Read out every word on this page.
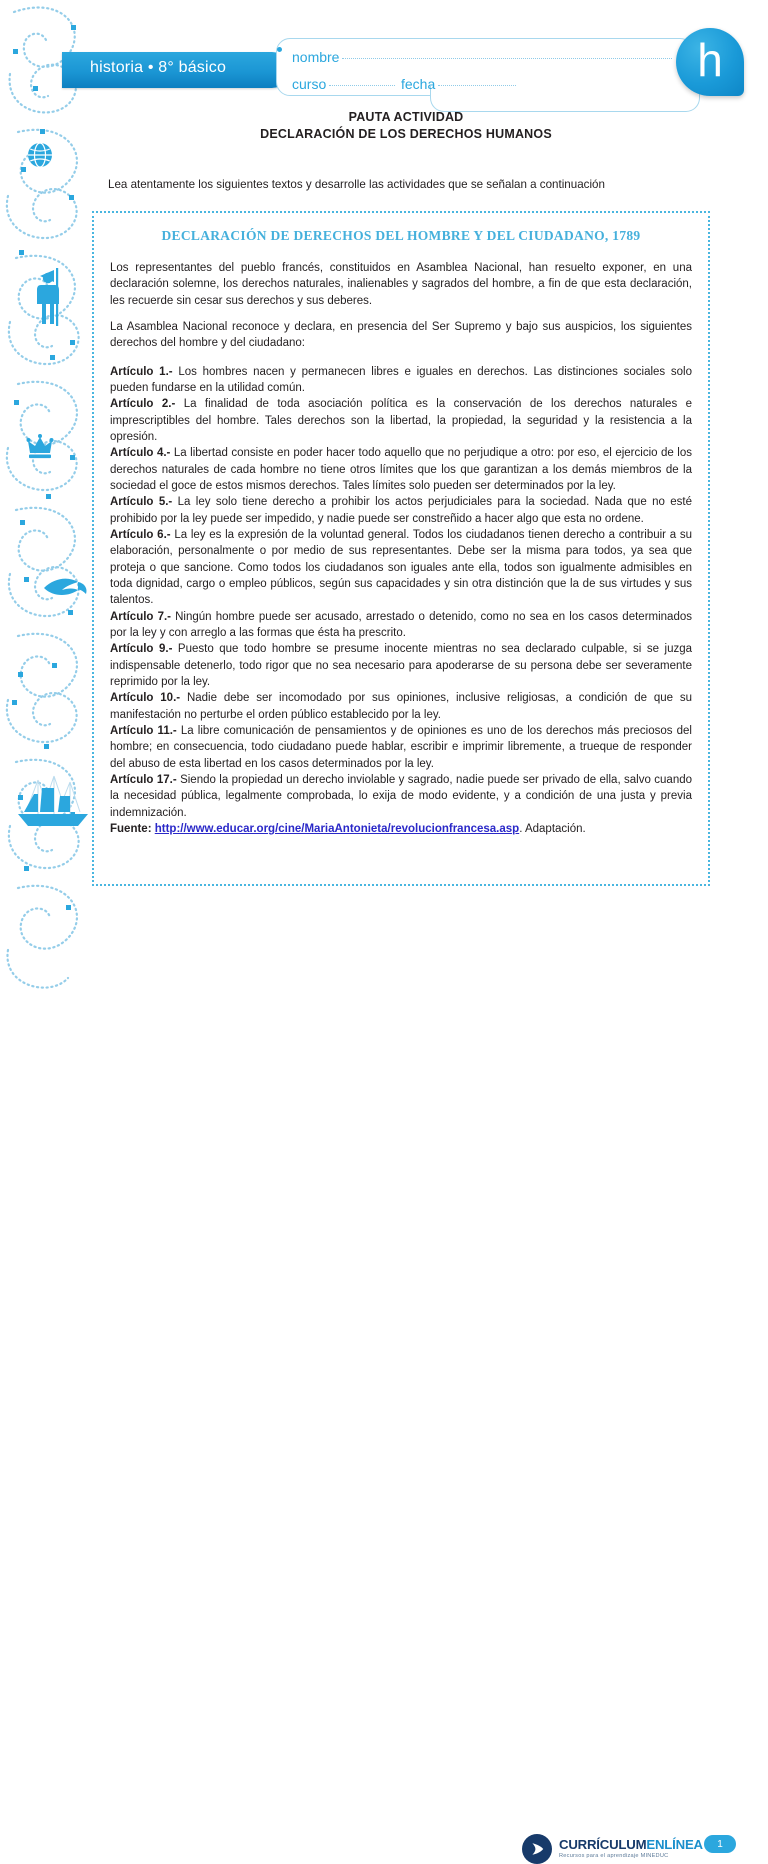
historia • 8° básico
nombre
curso	fecha	h
PAUTA ACTIVIDAD
DECLARACIÓN DE LOS DERECHOS HUMANOS
Lea atentamente los siguientes textos y desarrolle las actividades que se señalan a continuación
DECLARACIÓN DE DERECHOS DEL HOMBRE Y DEL CIUDADANO, 1789

Los representantes del pueblo francés, constituidos en Asamblea Nacional, han resuelto exponer, en una declaración solemne, los derechos naturales, inalienables y sagrados del hombre, a fin de que esta declaración, les recuerde sin cesar sus derechos y sus deberes.

La Asamblea Nacional reconoce y declara, en presencia del Ser Supremo y bajo sus auspicios, los siguientes derechos del hombre y del ciudadano:

Artículo 1.- Los hombres nacen y permanecen libres e iguales en derechos. Las distinciones sociales solo pueden fundarse en la utilidad común.

Artículo 2.- La finalidad de toda asociación política es la conservación de los derechos naturales e imprescriptibles del hombre. Tales derechos son la libertad, la propiedad, la seguridad y la resistencia a la opresión.

Artículo 4.- La libertad consiste en poder hacer todo aquello que no perjudique a otro: por eso, el ejercicio de los derechos naturales de cada hombre no tiene otros límites que los que garantizan a los demás miembros de la sociedad el goce de estos mismos derechos. Tales límites solo pueden ser determinados por la ley.

Artículo 5.- La ley solo tiene derecho a prohibir los actos perjudiciales para la sociedad. Nada que no esté prohibido por la ley puede ser impedido, y nadie puede ser constreñido a hacer algo que esta no ordene.

Artículo 6.- La ley es la expresión de la voluntad general. Todos los ciudadanos tienen derecho a contribuir a su elaboración, personalmente o por medio de sus representantes. Debe ser la misma para todos, ya sea que proteja o que sancione. Como todos los ciudadanos son iguales ante ella, todos son igualmente admisibles en toda dignidad, cargo o empleo públicos, según sus capacidades y sin otra distinción que la de sus virtudes y sus talentos.

Artículo 7.- Ningún hombre puede ser acusado, arrestado o detenido, como no sea en los casos determinados por la ley y con arreglo a las formas que ésta ha prescrito.

Artículo 9.- Puesto que todo hombre se presume inocente mientras no sea declarado culpable, si se juzga indispensable detenerlo, todo rigor que no sea necesario para apoderarse de su persona debe ser severamente reprimido por la ley.

Artículo 10.- Nadie debe ser incomodado por sus opiniones, inclusive religiosas, a condición de que su manifestación no perturbe el orden público establecido por la ley.

Artículo 11.- La libre comunicación de pensamientos y de opiniones es uno de los derechos más preciosos del hombre; en consecuencia, todo ciudadano puede hablar, escribir e imprimir libremente, a trueque de responder del abuso de esta libertad en los casos determinados por la ley.

Artículo 17.- Siendo la propiedad un derecho inviolable y sagrado, nadie puede ser privado de ella, salvo cuando la necesidad pública, legalmente comprobada, lo exija de modo evidente, y a condición de una justa y previa indemnización.

Fuente: http://www.educar.org/cine/MariaAntonieta/revolucionfrancesa.asp. Adaptación.

CURRÍCULUMENLÍNEA
Recursos para el aprendizaje MINEDUC
1
